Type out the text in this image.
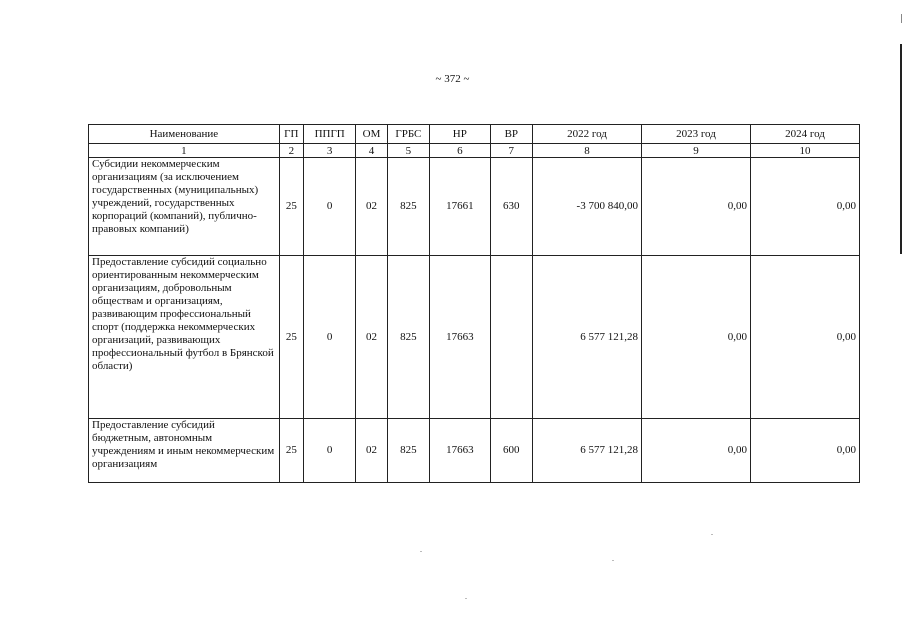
~ 372 ~
Наименование	ГП	ППГП	ОМ	ГРБС	НР	ВР	2022 год	2023 год	2024 год
1	2	3	4	5	6	7	8	9	10
Субсидии некоммерческим организациям (за исключением государственных (муниципальных) учреждений, государственных корпораций (компаний), публично-правовых компаний)	25	0	02	825	17661	630	-3 700 840,00	0,00	0,00
Предоставление субсидий социально ориентированным некоммерческим организациям, добровольным обществам и организациям, развивающим профессиональный спорт (поддержка некоммерческих организаций, развивающих профессиональный футбол в Брянской области)	25	0	02	825	17663		6 577 121,28	0,00	0,00
Предоставление субсидий бюджетным, автономным учреждениям и иным некоммерческим организациям	25	0	02	825	17663	600	6 577 121,28	0,00	0,00
